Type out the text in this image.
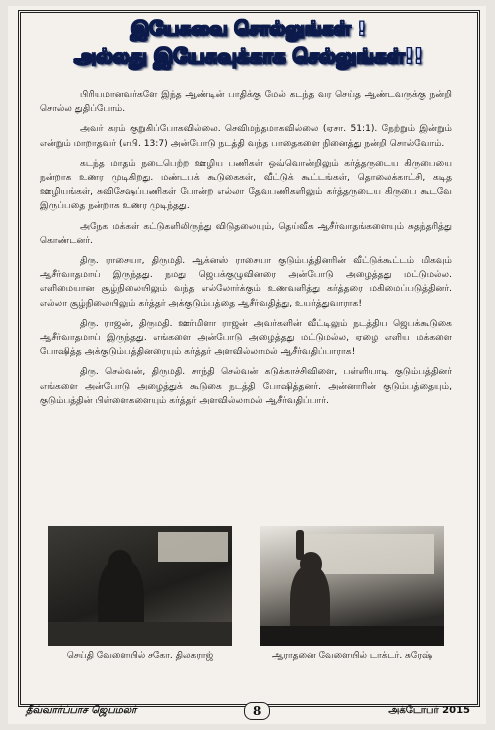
இயேசுவை சொல்லுங்கள் !
அல்லது இயேசுவுக்காக செல்லுங்கள்!!

பிரியமானவர்களே இந்த ஆண்டின் பாதிக்கு மேல் கடந்த வர செய்த ஆண்டவருக்கு நன்றி சொல்ல துதிப்போம்.

அவர் கரம் குறுகிப்போகவில்லை. செவிமந்தமாகவில்லை (ஏசா. 51:1). நேற்றும் இன்றும் என்றும் மாறாதவர் (எபி. 13:7) அன்போடு நடத்தி வந்த பாதைகளை நினைத்து நன்றி சொல்வோம்.

கடந்த மாதம் நடைபெற்ற ஊழிய பணிகள் ஒவ்வொன்றிலும் கர்த்தருடைய கிருபையை நன்றாக உணர முடிகிறது. மண்டபக் கூடுகைகள், வீட்டுக் கூட்டங்கள், தொலைக்காட்சி, கடித ஊழியங்கள், சுவிசேஷப்பணிகள் போன்ற எல்லா தேவபணிகளிலும் கர்த்தருடைய கிருபை கூடவே இருப்பதை நன்றாக உணர முடிந்தது.

அநேக மக்கள் கட்டுகளிலிருந்து விடுதலையும், தெய்வீக ஆசீர்வாதங்களையும் சுதந்தரித்து கொண்டனர்.

திரு. ராசையா, திருமதி. ஆக்னஸ் ராசையா குடும்பத்தினரின் வீட்டுக்கூட்டம் மிகவும் ஆசீர்வாதமாய் இருந்தது. நமது ஜெபக்குழுவினரை அன்போடு அழைத்தது மட்டுமல்ல. எளிமையான சூழ்நிலையிலும் வந்த எல்லோர்க்கும் உணவளித்து கர்த்தரை மகிமைப்படுத்தினர். எல்லா சூழ்நிலையிலும் கர்த்தர் அக்குடும்பத்தை ஆசீர்வதித்து, உயர்த்துவாராக!

திரு. ராஜன், திருமதி. ஊர்மிளா ராஜன் அவர்களின் வீட்டிலும் நடத்திய ஜெபக்கூடுகை ஆசீர்வாதமாய் இருந்தது. எங்களை அன்போடு அழைத்தது மட்டுமல்ல, ஏழை எளிய மக்களை போஷித்த அக்குடும்பத்தினரையும் கர்த்தர் அளவில்லாமல் ஆசீர்வதிப்பாராக!

திரு. செல்வன், திருமதி. சாந்தி செல்வன் கடுக்காச்சிவிளை, பள்ளியாடி குடும்பத்தினர் எங்களை அன்போடு அழைத்துக் கூடுகை நடத்தி போஷித்தனர். அன்னாரின் குடும்பத்தையும், குடும்பத்தின் பிள்ளைகளையும் கர்த்தர் அளவில்லாமல் ஆசீர்வதிப்பார்.

செய்தி வேளையில் சகோ. திலகராஜ்	ஆராதனை வேளையில் டாக்டர். சுரேஷ்
தீவ்வார்ப்பாச ஜெபமலர்	8	அக்டோபர் 2015
